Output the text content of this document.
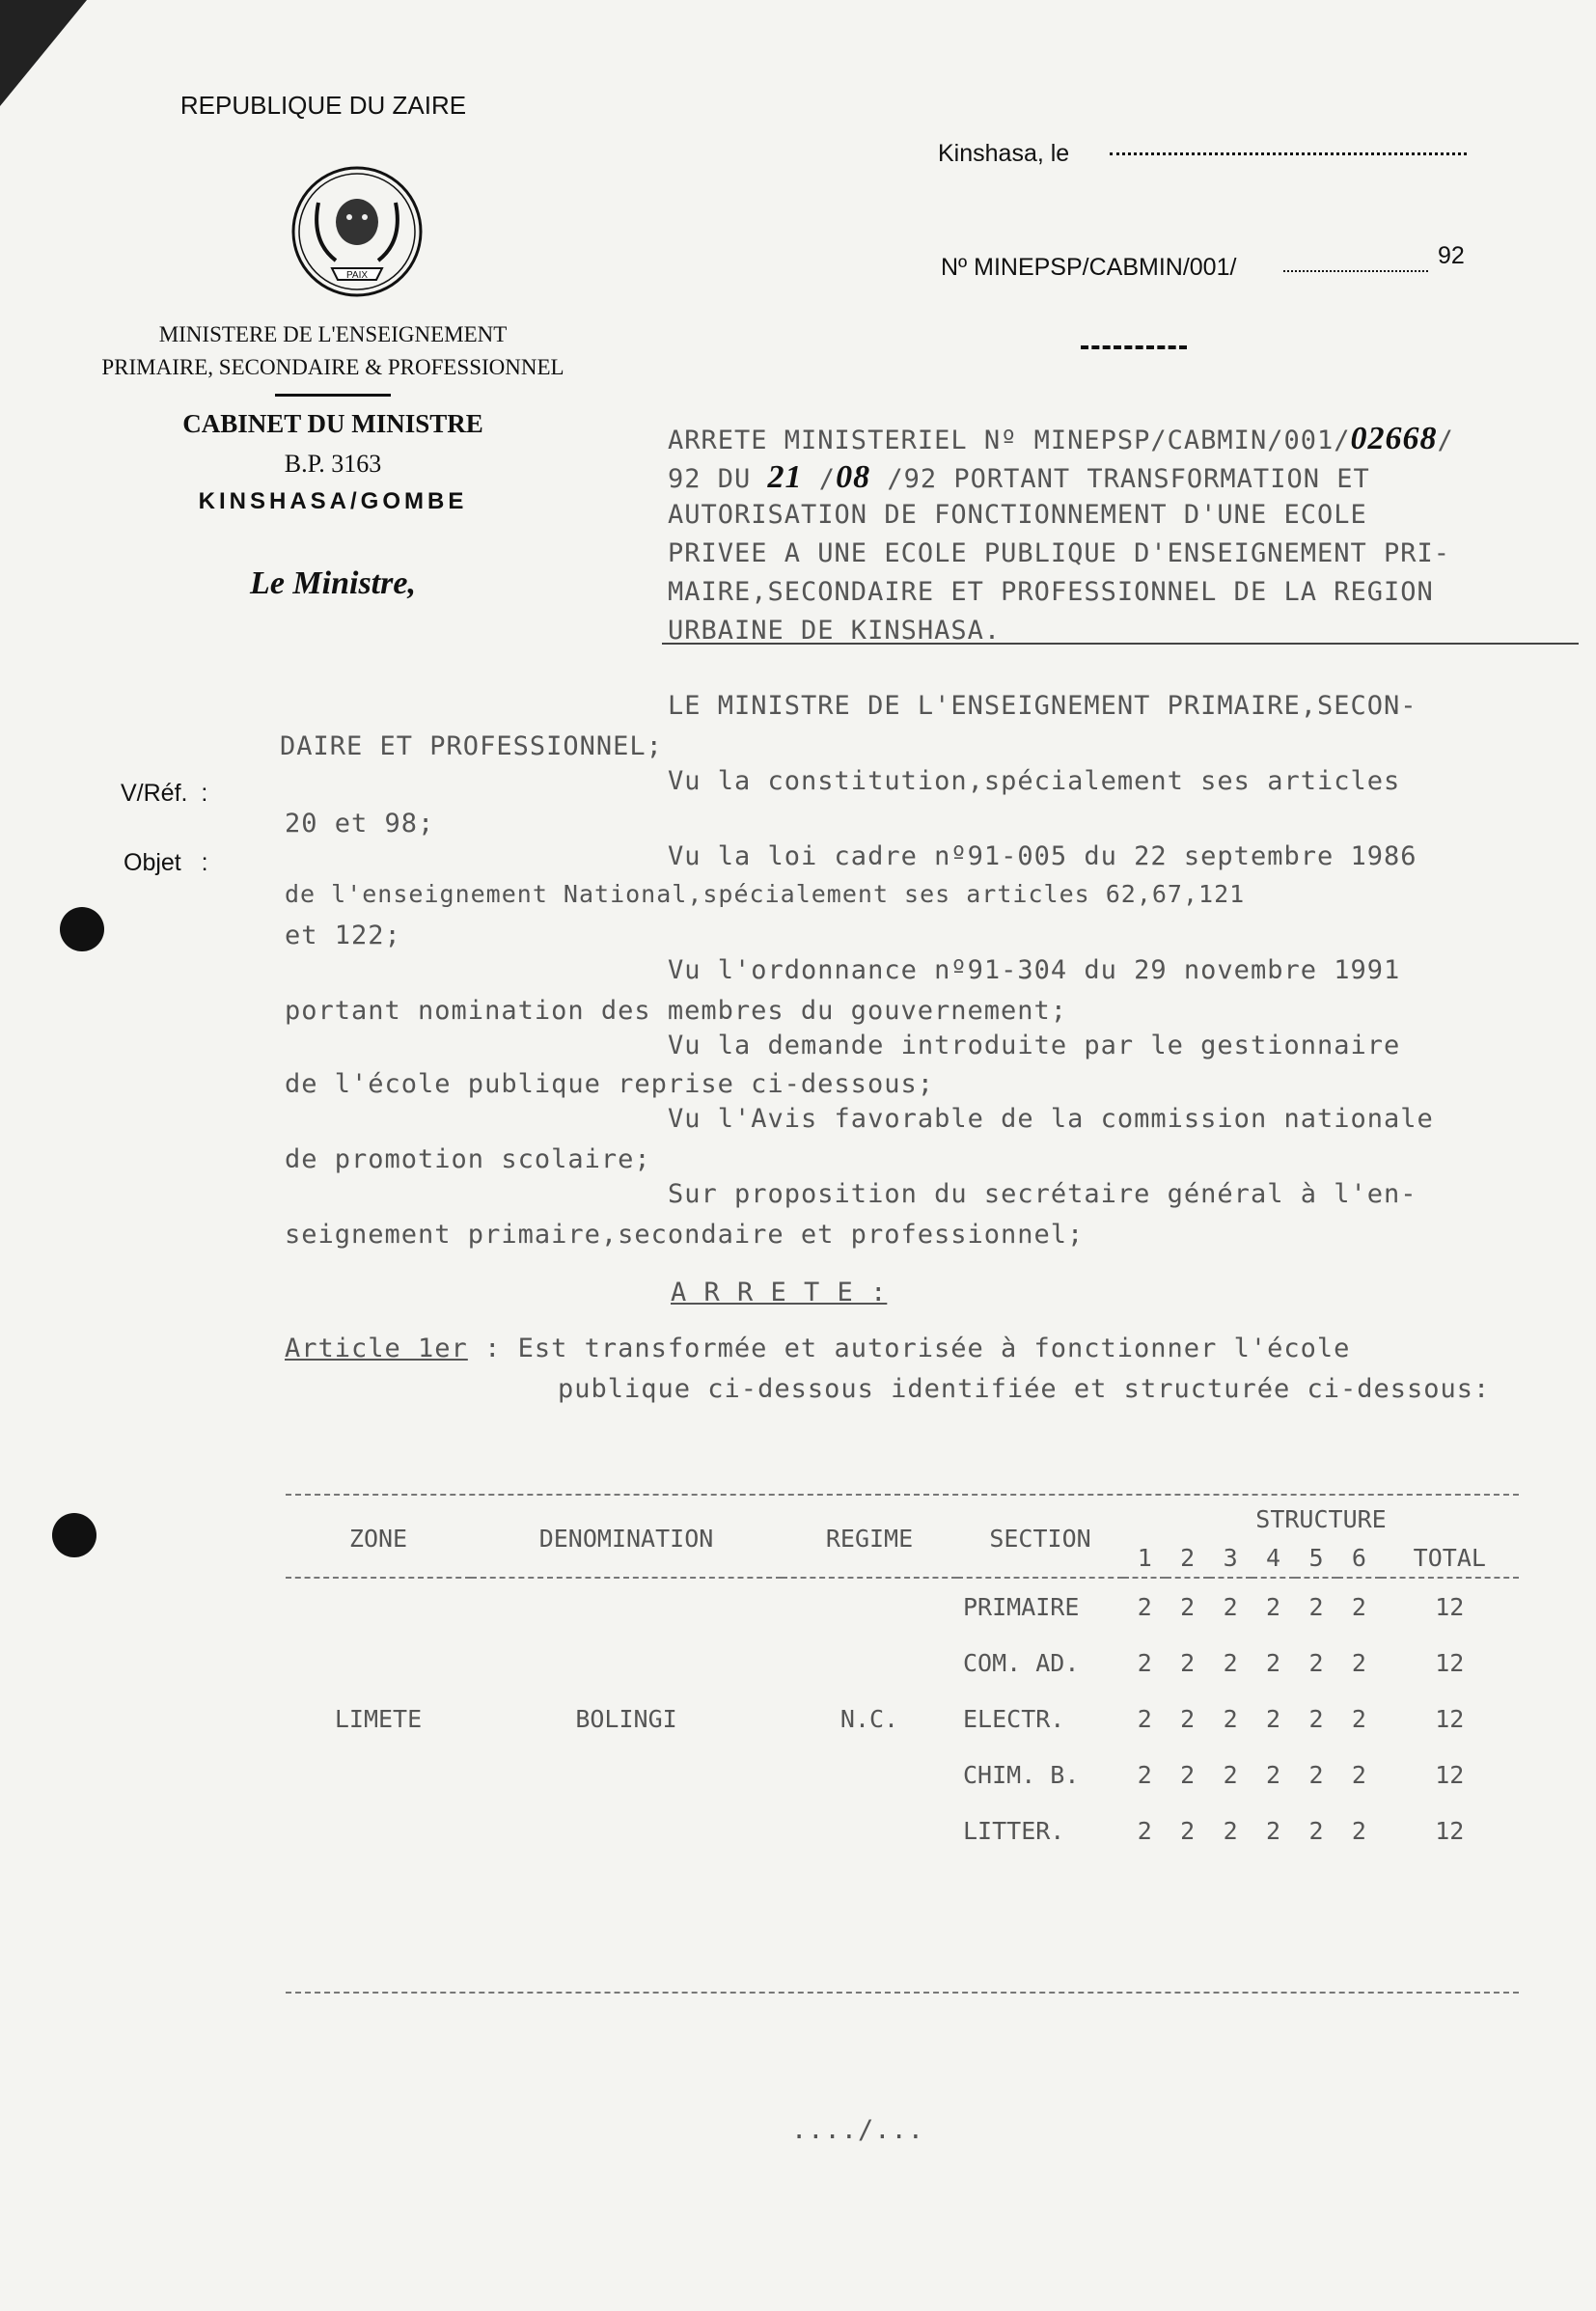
REPUBLIQUE DU ZAIRE
PAIX
MINISTERE DE L'ENSEIGNEMENT
PRIMAIRE, SECONDAIRE & PROFESSIONNEL
CABINET DU MINISTRE
B.P. 3163
KINSHASA/GOMBE
Le Ministre,
Kinshasa, le
Nº MINEPSP/CABMIN/001/	92
V/Réf.  :
Objet   :
ARRETE MINISTERIEL Nº MINEPSP/CABMIN/001/02668/
92 DU 21 /08 /92 PORTANT TRANSFORMATION ET
AUTORISATION DE FONCTIONNEMENT D'UNE ECOLE
PRIVEE A UNE ECOLE PUBLIQUE D'ENSEIGNEMENT PRI-
MAIRE,SECONDAIRE ET PROFESSIONNEL DE LA REGION
URBAINE DE KINSHASA.
LE MINISTRE DE L'ENSEIGNEMENT PRIMAIRE,SECON-
DAIRE ET PROFESSIONNEL;
Vu la constitution,spécialement ses articles
20 et 98;
Vu la loi cadre nº91-005 du 22 septembre 1986
de l'enseignement National,spécialement ses articles 62,67,121
et 122;
Vu l'ordonnance nº91-304 du 29 novembre 1991
portant nomination des membres du gouvernement;
Vu la demande introduite par le gestionnaire
de l'école publique reprise ci-dessous;
Vu l'Avis favorable de la commission nationale
de promotion scolaire;
Sur proposition du secrétaire général à l'en-
seignement primaire,secondaire et professionnel;
A R R E T E :
Article 1er : Est transformée et autorisée à fonctionner l'école
publique ci-dessous identifiée et structurée ci-dessous:
ZONE	DENOMINATION	REGIME	SECTION	STRUCTURE						
				1	2	3	4	5	6	TOTAL
LIMETE	BOLINGI	N.C.	PRIMAIRE	2	2	2	2	2	2	12
			COM. AD.	2	2	2	2	2	2	12
			ELECTR.	2	2	2	2	2	2	12
			CHIM. B.	2	2	2	2	2	2	12
			LITTER.	2	2	2	2	2	2	12
..../...
